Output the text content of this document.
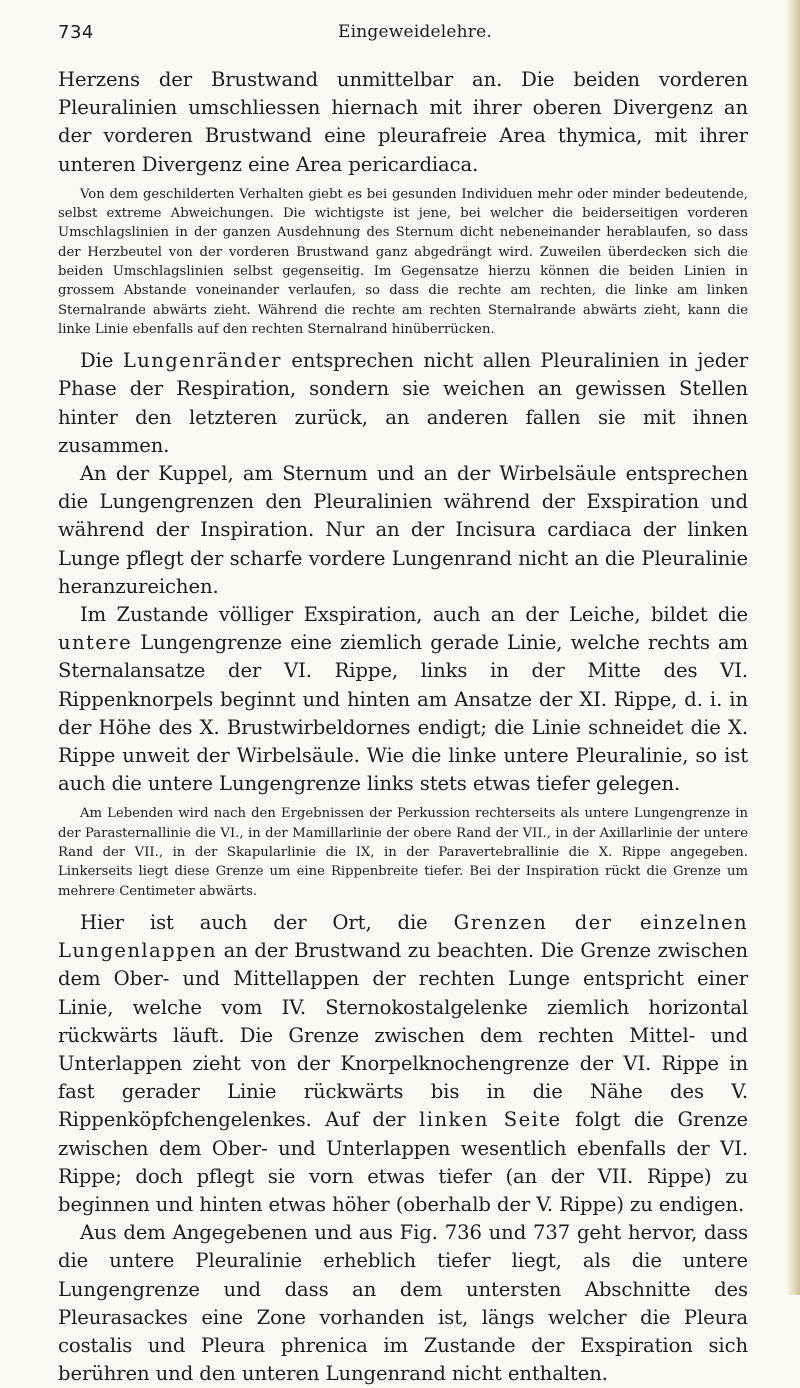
734	Eingeweidelehre.

Herzens der Brustwand unmittelbar an. Die beiden vorderen Pleuralinien umschliessen hiernach mit ihrer oberen Divergenz an der vorderen Brustwand eine pleurafreie Area thymica, mit ihrer unteren Divergenz eine Area pericardiaca.

Von dem geschilderten Verhalten giebt es bei gesunden Individuen mehr oder minder bedeutende, selbst extreme Abweichungen. Die wichtigste ist jene, bei welcher die beiderseitigen vorderen Umschlagslinien in der ganzen Ausdehnung des Sternum dicht nebeneinander herablaufen, so dass der Herzbeutel von der vorderen Brustwand ganz abgedrängt wird. Zuweilen überdecken sich die beiden Umschlagslinien selbst gegenseitig. Im Gegensatze hierzu können die beiden Linien in grossem Abstande voneinander verlaufen, so dass die rechte am rechten, die linke am linken Sternalrande abwärts zieht. Während die rechte am rechten Sternalrande abwärts zieht, kann die linke Linie ebenfalls auf den rechten Sternalrand hinüberrücken.

Die Lungenränder entsprechen nicht allen Pleuralinien in jeder Phase der Respiration, sondern sie weichen an gewissen Stellen hinter den letzteren zurück, an anderen fallen sie mit ihnen zusammen.

An der Kuppel, am Sternum und an der Wirbelsäule entsprechen die Lungengrenzen den Pleuralinien während der Exspiration und während der Inspiration. Nur an der Incisura cardiaca der linken Lunge pflegt der scharfe vordere Lungenrand nicht an die Pleuralinie heranzureichen.

Im Zustande völliger Exspiration, auch an der Leiche, bildet die untere Lungengrenze eine ziemlich gerade Linie, welche rechts am Sternalansatze der VI. Rippe, links in der Mitte des VI. Rippenknorpels beginnt und hinten am Ansatze der XI. Rippe, d. i. in der Höhe des X. Brustwirbeldornes endigt; die Linie schneidet die X. Rippe unweit der Wirbelsäule. Wie die linke untere Pleuralinie, so ist auch die untere Lungengrenze links stets etwas tiefer gelegen.

Am Lebenden wird nach den Ergebnissen der Perkussion rechterseits als untere Lungengrenze in der Parasternallinie die VI., in der Mamillarlinie der obere Rand der VII., in der Axillarlinie der untere Rand der VII., in der Skapularlinie die IX, in der Paravertebrallinie die X. Rippe angegeben. Linkerseits liegt diese Grenze um eine Rippenbreite tiefer. Bei der Inspiration rückt die Grenze um mehrere Centimeter abwärts.

Hier ist auch der Ort, die Grenzen der einzelnen Lungenlappen an der Brustwand zu beachten. Die Grenze zwischen dem Ober- und Mittellappen der rechten Lunge entspricht einer Linie, welche vom IV. Sternokostalgelenke ziemlich horizontal rückwärts läuft. Die Grenze zwischen dem rechten Mittel- und Unterlappen zieht von der Knorpelknochengrenze der VI. Rippe in fast gerader Linie rückwärts bis in die Nähe des V. Rippenköpfchengelenkes. Auf der linken Seite folgt die Grenze zwischen dem Ober- und Unterlappen wesentlich ebenfalls der VI. Rippe; doch pflegt sie vorn etwas tiefer (an der VII. Rippe) zu beginnen und hinten etwas höher (oberhalb der V. Rippe) zu endigen.

Aus dem Angegebenen und aus Fig. 736 und 737 geht hervor, dass die untere Pleuralinie erheblich tiefer liegt, als die untere Lungengrenze und dass an dem untersten Abschnitte des Pleurasackes eine Zone vorhanden ist, längs welcher die Pleura costalis und Pleura phrenica im Zustande der Exspiration sich berühren und den unteren Lungenrand nicht enthalten.
